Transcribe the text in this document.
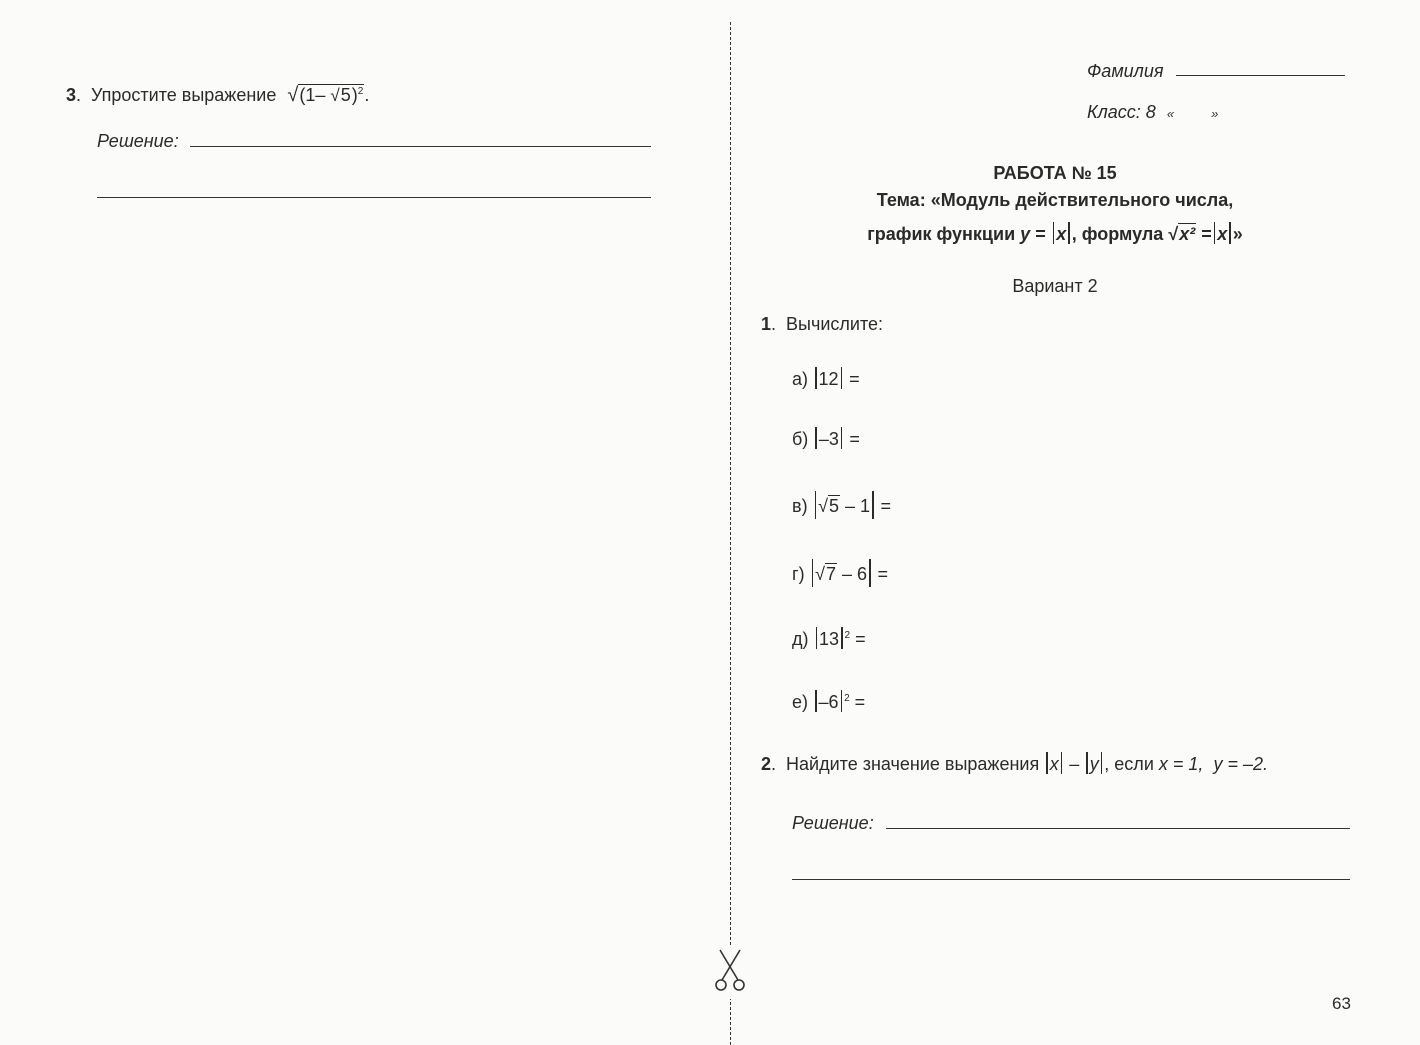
3.  Упростите выражение √(1– √5)$^2$.
Решение:
Фамилия
Класс: 8 «	»
РАБОТА № 15
Тема: «Модуль действительного числа,
график функции y = x , формула √x² = x »
Вариант 2
1.  Вычислите:
а) 12 =
б) –3 =
в) √5 – 1 =
г) √7 – 6 =
д) 13 $^2$ =
е) –6 $^2$ =
2.  Найдите значение выражения x – y , если x = 1, y = –2.
Решение:
63
